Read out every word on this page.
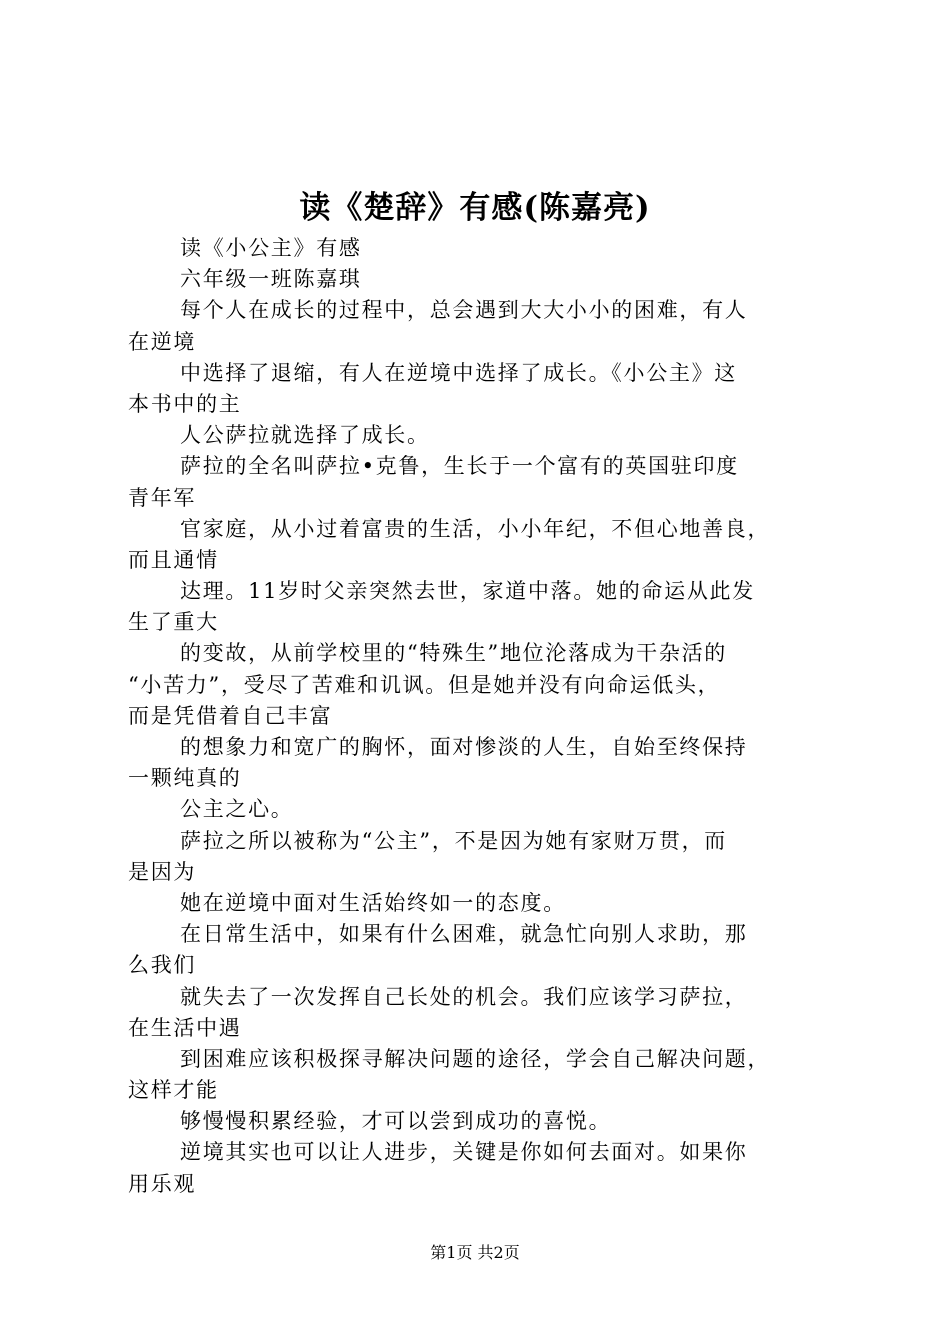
读《楚辞》有感(陈嘉亮)
读《小公主》有感
六年级一班陈嘉琪
每个人在成长的过程中，总会遇到大大小小的困难，有人
在逆境
中选择了退缩，有人在逆境中选择了成长。《小公主》这
本书中的主
人公萨拉就选择了成长。
萨拉的全名叫萨拉•克鲁，生长于一个富有的英国驻印度
青年军
官家庭，从小过着富贵的生活，小小年纪，不但心地善良，
而且通情
达理。11岁时父亲突然去世，家道中落。她的命运从此发
生了重大
的变故，从前学校里的“特殊生”地位沦落成为干杂活的
“小苦力”，受尽了苦难和讥讽。但是她并没有向命运低头，
而是凭借着自己丰富
的想象力和宽广的胸怀，面对惨淡的人生，自始至终保持
一颗纯真的
公主之心。
萨拉之所以被称为“公主”，不是因为她有家财万贯，而
是因为
她在逆境中面对生活始终如一的态度。
在日常生活中，如果有什么困难，就急忙向别人求助，那
么我们
就失去了一次发挥自己长处的机会。我们应该学习萨拉，
在生活中遇
到困难应该积极探寻解决问题的途径，学会自己解决问题，
这样才能
够慢慢积累经验，才可以尝到成功的喜悦。
逆境其实也可以让人进步，关键是你如何去面对。如果你
用乐观
第1页 共2页
